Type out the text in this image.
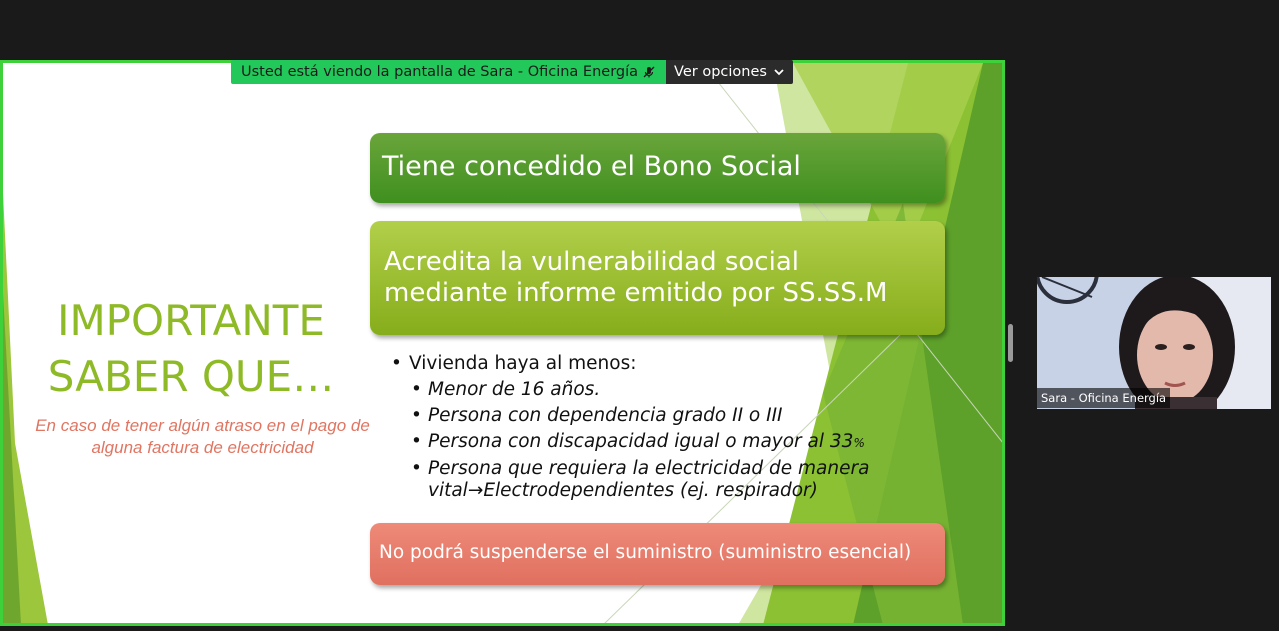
IMPORTANTE
SABER QUE…
En caso de tener algún atraso en el pago de alguna factura de electricidad
Tiene concedido el Bono Social
Acredita la vulnerabilidad social mediante informe emitido por SS.SS.M
• Vivienda haya al menos:
• Menor de 16 años.
• Persona con dependencia grado II o III
• Persona con discapacidad igual o mayor al 33%
• Persona que requiera la electricidad de manera vital→Electrodependientes (ej. respirador)
No podrá suspenderse el suministro (suministro esencial)
Usted está viendo la pantalla de Sara - Oficina Energía Ver opciones
Sara - Oficina Energía
